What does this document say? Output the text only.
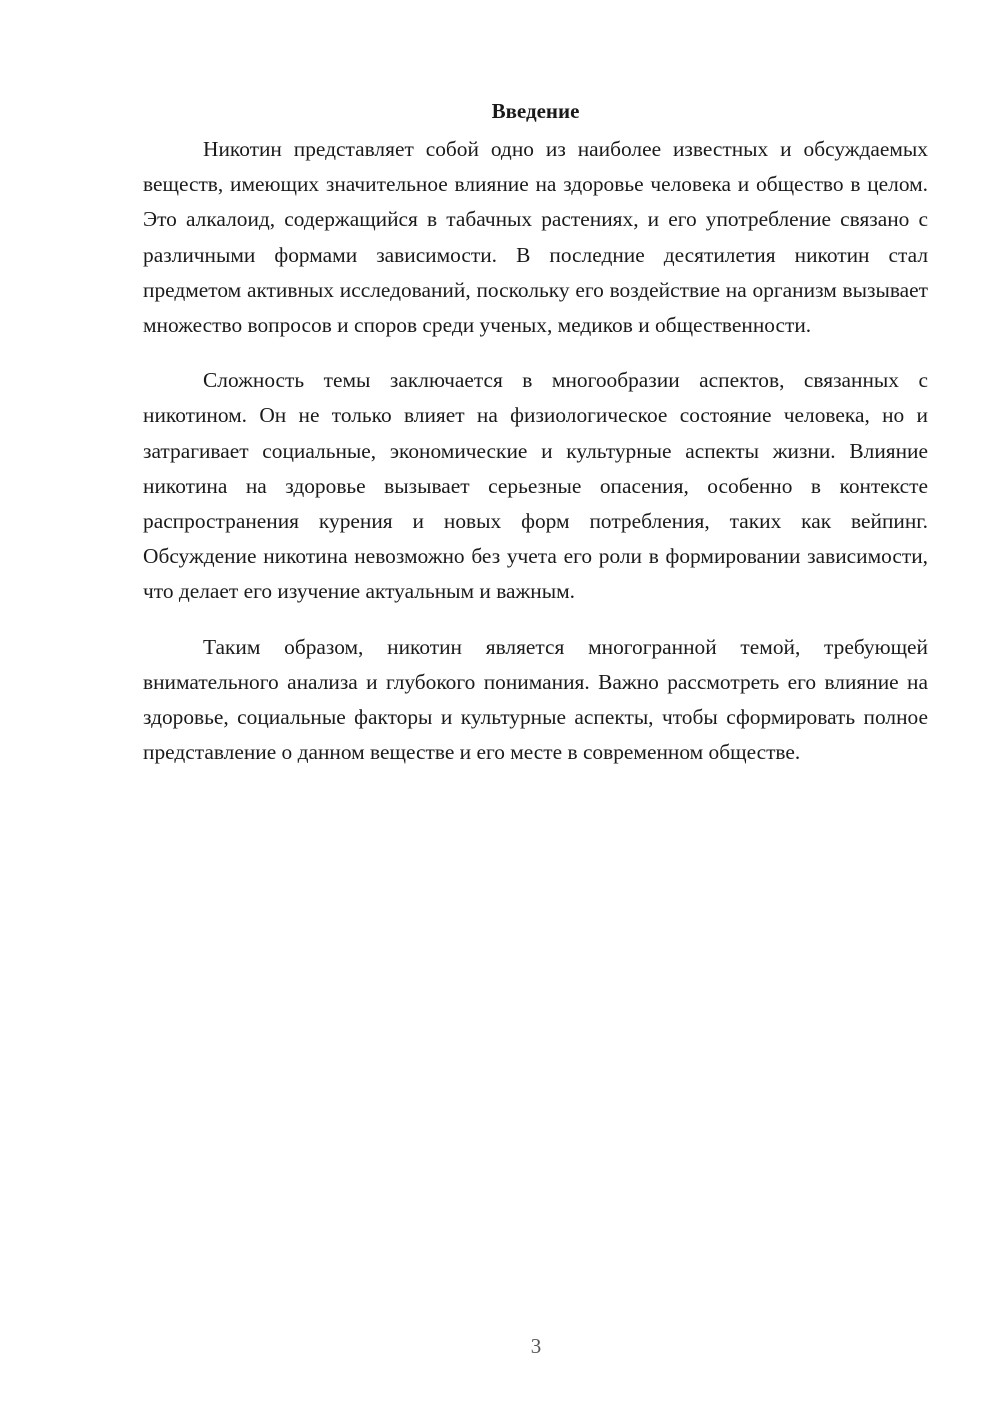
Введение

Никотин представляет собой одно из наиболее известных и обсуждаемых веществ, имеющих значительное влияние на здоровье человека и общество в целом. Это алкалоид, содержащийся в табачных растениях, и его употребление связано с различными формами зависимости. В последние десятилетия никотин стал предметом активных исследований, поскольку его воздействие на организм вызывает множество вопросов и споров среди ученых, медиков и общественности.

Сложность темы заключается в многообразии аспектов, связанных с никотином. Он не только влияет на физиологическое состояние человека, но и затрагивает социальные, экономические и культурные аспекты жизни. Влияние никотина на здоровье вызывает серьезные опасения, особенно в контексте распространения курения и новых форм потребления, таких как вейпинг. Обсуждение никотина невозможно без учета его роли в формировании зависимости, что делает его изучение актуальным и важным.

Таким образом, никотин является многогранной темой, требующей внимательного анализа и глубокого понимания. Важно рассмотреть его влияние на здоровье, социальные факторы и культурные аспекты, чтобы сформировать полное представление о данном веществе и его месте в современном обществе.

3
